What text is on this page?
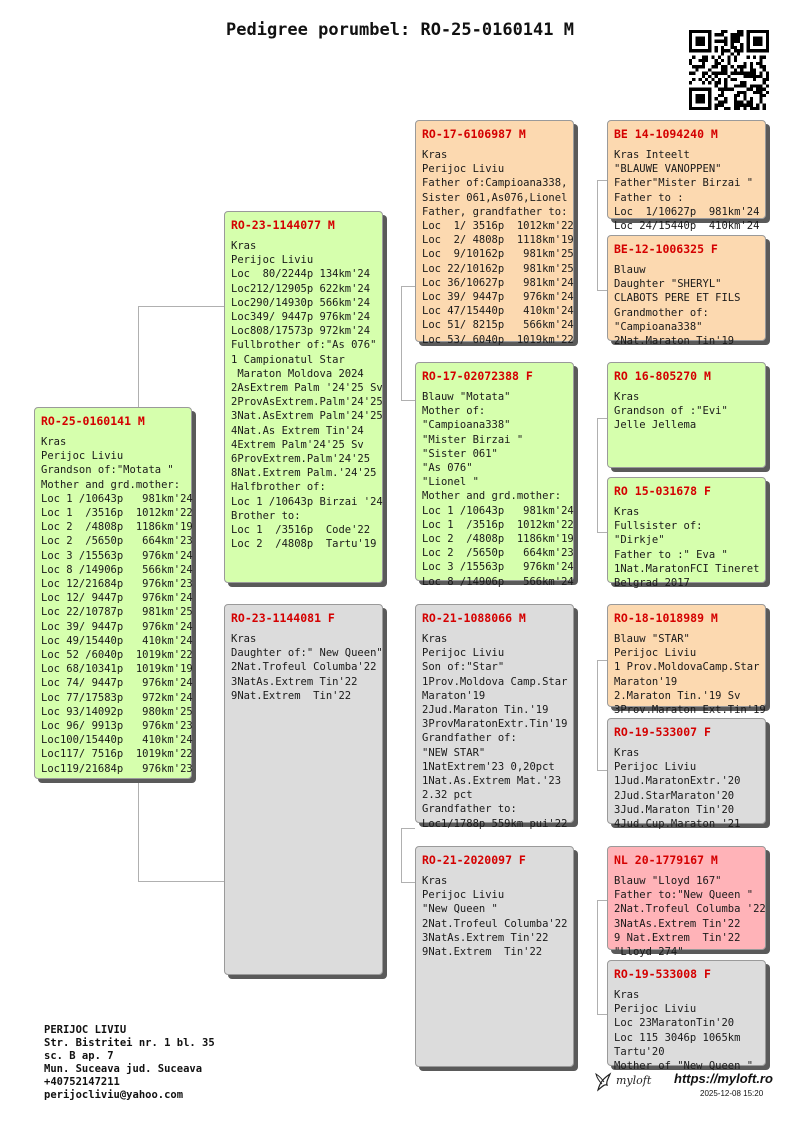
Pedigree porumbel: RO-25-0160141 M
RO-25-0160141 M
Kras
Perijoc Liviu
Grandson of:"Motata "
Mother and grd.mother:
Loc 1 /10643p   981km'24
Loc 1  /3516p  1012km'22
Loc 2  /4808p  1186km'19
Loc 2  /5650p   664km'23
Loc 3 /15563p   976km'24
Loc 8 /14906p   566km'24
Loc 12/21684p   976km'23
Loc 12/ 9447p   976km'24
Loc 22/10787p   981km'25
Loc 39/ 9447p   976km'24
Loc 49/15440p   410km'24
Loc 52 /6040p  1019km'22
Loc 68/10341p  1019km'19
Loc 74/ 9447p   976km'24
Loc 77/17583p   972km'24
Loc 93/14092p   980km'25
Loc 96/ 9913p   976km'23
Loc100/15440p   410km'24
Loc117/ 7516p  1019km'22
Loc119/21684p   976km'23
RO-23-1144077 M
Kras
Perijoc Liviu
Loc  80/2244p 134km'24
Loc212/12905p 622km'24
Loc290/14930p 566km'24
Loc349/ 9447p 976km'24
Loc808/17573p 972km'24
Fullbrother of:"As 076"
1 Campionatul Star
Maraton Moldova 2024
2AsExtrem Palm '24'25 Sv
2ProvAsExtrem.Palm'24'25
3Nat.AsExtrem Palm'24'25
4Nat.As Extrem Tin'24
4Extrem Palm'24'25 Sv
6ProvExtrem.Palm'24'25
8Nat.Extrem Palm.'24'25
Halfbrother of:
Loc 1 /10643p Birzai '24
Brother to:
Loc 1  /3516p  Code'22
Loc 2  /4808p  Tartu'19
RO-23-1144081 F
Kras
Daughter of:" New Queen"
2Nat.Trofeul Columba'22
3NatAs.Extrem Tin'22
9Nat.Extrem  Tin'22
RO-17-6106987 M
Kras
Perijoc Liviu
Father of:Campioana338,
Sister 061,As076,Lionel
Father, grandfather to:
Loc  1/ 3516p  1012km'22
Loc  2/ 4808p  1118km'19
Loc  9/10162p   981km'25
Loc 22/10162p   981km'25
Loc 36/10627p   981km'24
Loc 39/ 9447p   976km'24
Loc 47/15440p   410km'24
Loc 51/ 8215p   566km'24
Loc 53/ 6040p  1019km'22
RO-17-02072388 F
Blauw "Motata"
Mother of:
"Campioana338"
"Mister Birzai "
"Sister 061"
"As 076"
"Lionel "
Mother and grd.mother:
Loc 1 /10643p   981km'24
Loc 1  /3516p  1012km'22
Loc 2  /4808p  1186km'19
Loc 2  /5650p   664km'23
Loc 3 /15563p   976km'24
Loc 8 /14906p   566km'24
RO-21-1088066 M
Kras
Perijoc Liviu
Son of:"Star"
1Prov.Moldova Camp.Star
Maraton'19
2Jud.Maraton Tin.'19
3ProvMaratonExtr.Tin'19
Grandfather of:
"NEW STAR"
1NatExtrem'23 0,20pct
1Nat.As.Extrem Mat.'23
2.32 pct
Grandfather to:
Loc1/1788p 559km pui'22
RO-21-2020097 F
Kras
Perijoc Liviu
"New Queen "
2Nat.Trofeul Columba'22
3NatAs.Extrem Tin'22
9Nat.Extrem  Tin'22
BE 14-1094240 M
Kras Inteelt
"BLAUWE VANOPPEN"
Father"Mister Birzai "
Father to :
Loc  1/10627p  981km'24
Loc 24/15440p  410km'24
BE-12-1006325 F
Blauw
Daughter "SHERYL"
CLABOTS PERE ET FILS
Grandmother of:
"Campioana338"
2Nat.Maraton Tin'19
RO 16-805270 M
Kras
Grandson of :"Evi"
Jelle Jellema
RO 15-031678 F
Kras
Fullsister of:
"Dirkje"
Father to :" Eva "
1Nat.MaratonFCI Tineret
Belgrad 2017
RO-18-1018989 M
Blauw "STAR"
Perijoc Liviu
1 Prov.MoldovaCamp.Star
Maraton'19
2.Maraton Tin.'19 Sv
3Prov.Maraton Ext.Tin'19
RO-19-533007 F
Kras
Perijoc Liviu
1Jud.MaratonExtr.'20
2Jud.StarMaraton'20
3Jud.Maraton Tin'20
4Jud.Cup.Maraton '21
NL 20-1779167 M
Blauw "Lloyd 167"
Father to:"New Queen "
2Nat.Trofeul Columba '22
3NatAs.Extrem Tin'22
9 Nat.Extrem  Tin'22
"Lloyd 274"
RO-19-533008 F
Kras
Perijoc Liviu
Loc 23MaratonTin'20
Loc 115 3046p 1065km
Tartu'20
Mother of "New Queen "
PERIJOC LIVIU
Str. Bistritei nr. 1 bl. 35
sc. B ap. 7
Mun. Suceava jud. Suceava
+40752147211
perijocliviu@yahoo.com
myloft https://myloft.ro
2025-12-08 15:20
